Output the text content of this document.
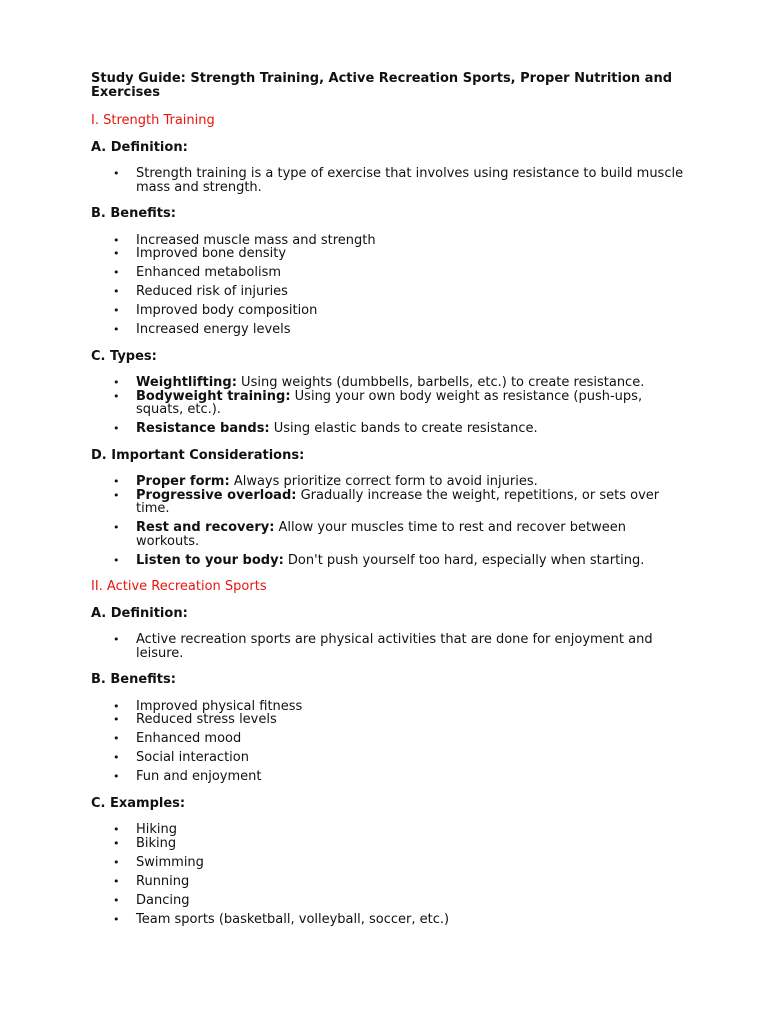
Study Guide: Strength Training, Active Recreation Sports, Proper Nutrition and Exercises
I. Strength Training
A. Definition:
• Strength training is a type of exercise that involves using resistance to build muscle mass and strength.
B. Benefits:
• Increased muscle mass and strength
• Improved bone density
• Enhanced metabolism
• Reduced risk of injuries
• Improved body composition
• Increased energy levels
C. Types:
• Weightlifting: Using weights (dumbbells, barbells, etc.) to create resistance.
• Bodyweight training: Using your own body weight as resistance (push-ups, squats, etc.).
• Resistance bands: Using elastic bands to create resistance.
D. Important Considerations:
• Proper form: Always prioritize correct form to avoid injuries.
• Progressive overload: Gradually increase the weight, repetitions, or sets over time.
• Rest and recovery: Allow your muscles time to rest and recover between workouts.
• Listen to your body: Don't push yourself too hard, especially when starting.
II. Active Recreation Sports
A. Definition:
• Active recreation sports are physical activities that are done for enjoyment and leisure.
B. Benefits:
• Improved physical fitness
• Reduced stress levels
• Enhanced mood
• Social interaction
• Fun and enjoyment
C. Examples:
• Hiking
• Biking
• Swimming
• Running
• Dancing
• Team sports (basketball, volleyball, soccer, etc.)
